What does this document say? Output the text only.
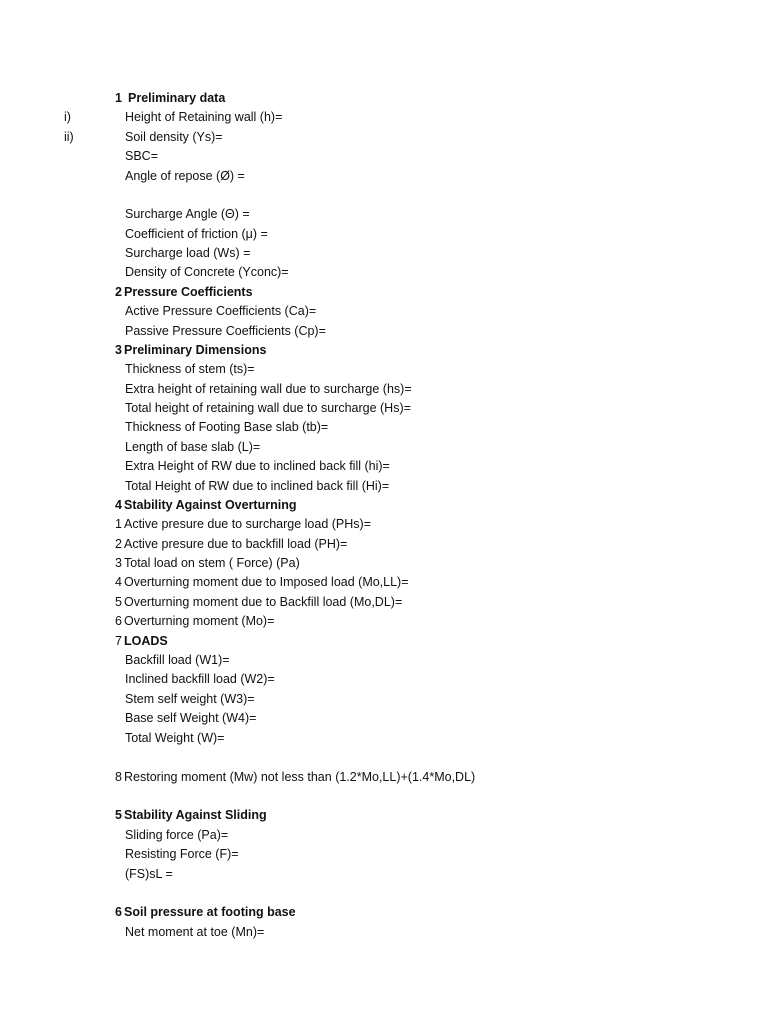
1 Preliminary data
i)	Height of Retaining wall (h)=
ii)	Soil density (Ys)=
SBC=
Angle of repose (Ø) =
Surcharge Angle (Θ) =
Coefficient of friction (μ) =
Surcharge load (Ws) =
Density of Concrete (Yconc)=
2 Pressure Coefficients
Active Pressure Coefficients (Ca)=
Passive Pressure Coefficients (Cp)=
3 Preliminary Dimensions
Thickness of stem (ts)=
Extra height of retaining wall due to surcharge (hs)=
Total height of retaining wall due to surcharge (Hs)=
Thickness of Footing Base slab (tb)=
Length of base slab (L)=
Extra Height of RW due to inclined back fill (hi)=
Total Height of RW due to inclined back fill (Hi)=
4 Stability Against Overturning
1 Active presure due to surcharge load (PHs)=
2 Active presure due to backfill load (PH)=
3 Total load on stem ( Force) (Pa)
4 Overturning moment due to Imposed load (Mo,LL)=
5 Overturning moment due to Backfill load (Mo,DL)=
6 Overturning moment (Mo)=
7 LOADS
Backfill load (W1)=
Inclined backfill load (W2)=
Stem self weight (W3)=
Base self Weight (W4)=
Total Weight (W)=
8 Restoring moment (Mw) not less than (1.2*Mo,LL)+(1.4*Mo,DL)
5 Stability Against Sliding
Sliding force (Pa)=
Resisting Force (F)=
(FS)sL =
6 Soil pressure at footing base
Net moment at toe (Mn)=
